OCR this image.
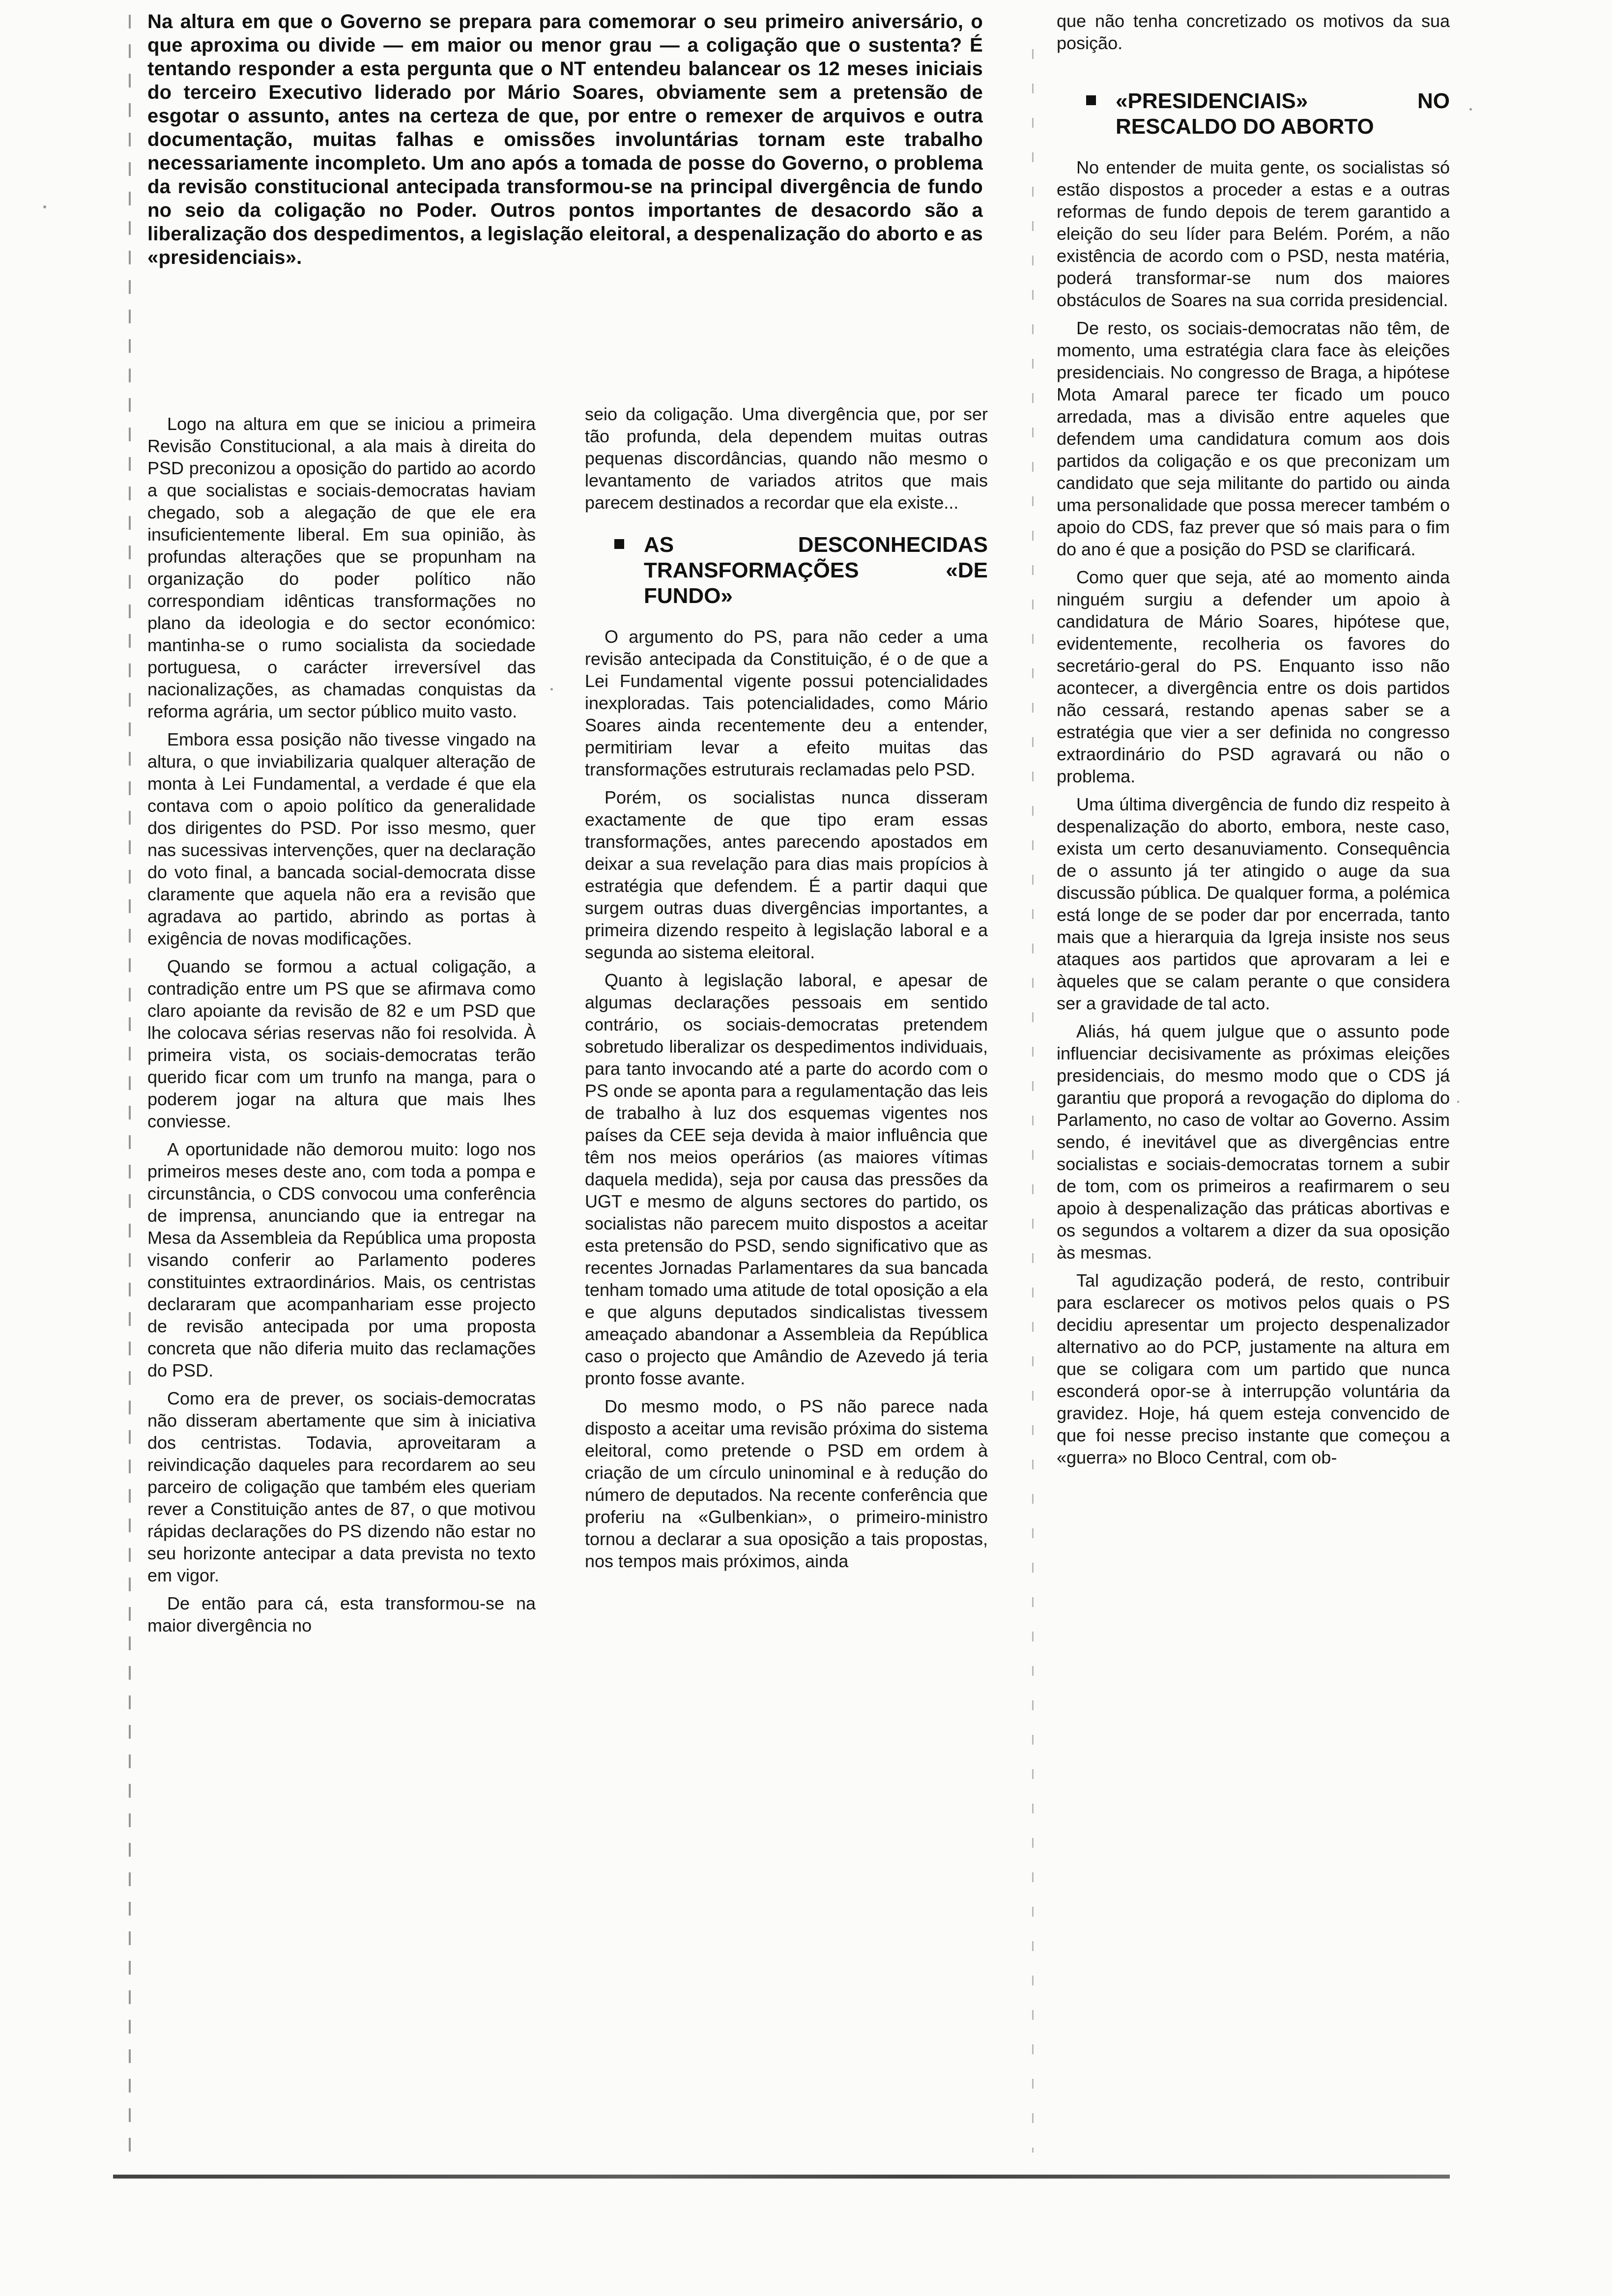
Na altura em que o Governo se prepara para comemorar o seu primeiro aniversário, o que aproxima ou divide — em maior ou menor grau — a coligação que o sustenta? É tentando responder a esta pergunta que o NT entendeu balancear os 12 meses iniciais do terceiro Executivo liderado por Mário Soares, obviamente sem a pretensão de esgotar o assunto, antes na certeza de que, por entre o remexer de arquivos e outra documentação, muitas falhas e omissões involuntárias tornam este trabalho necessariamente incompleto. Um ano após a tomada de posse do Governo, o problema da revisão constitucional antecipada transformou-se na principal divergência de fundo no seio da coligação no Poder. Outros pontos importantes de desacordo são a liberalização dos despedimentos, a legislação eleitoral, a despenalização do aborto e as «presidenciais».

Logo na altura em que se iniciou a primeira Revisão Constitucional, a ala mais à direita do PSD preconizou a oposição do partido ao acordo a que socialistas e sociais-democratas haviam chegado, sob a alegação de que ele era insuficientemente liberal. Em sua opinião, às profundas alterações que se propunham na organização do poder político não correspondiam idênticas transformações no plano da ideologia e do sector económico: mantinha-se o rumo socialista da sociedade portuguesa, o carácter irreversível das nacionalizações, as chamadas conquistas da reforma agrária, um sector público muito vasto.

Embora essa posição não tivesse vingado na altura, o que inviabilizaria qualquer alteração de monta à Lei Fundamental, a verdade é que ela contava com o apoio político da generalidade dos dirigentes do PSD. Por isso mesmo, quer nas sucessivas intervenções, quer na declaração do voto final, a bancada social-democrata disse claramente que aquela não era a revisão que agradava ao partido, abrindo as portas à exigência de novas modificações.

Quando se formou a actual coligação, a contradição entre um PS que se afirmava como claro apoiante da revisão de 82 e um PSD que lhe colocava sérias reservas não foi resolvida. À primeira vista, os sociais-democratas terão querido ficar com um trunfo na manga, para o poderem jogar na altura que mais lhes conviesse.

A oportunidade não demorou muito: logo nos primeiros meses deste ano, com toda a pompa e circunstância, o CDS convocou uma conferência de imprensa, anunciando que ia entregar na Mesa da Assembleia da República uma proposta visando conferir ao Parlamento poderes constituintes extraordinários. Mais, os centristas declararam que acompanhariam esse projecto de revisão antecipada por uma proposta concreta que não diferia muito das reclamações do PSD.

Como era de prever, os sociais-democratas não disseram abertamente que sim à iniciativa dos centristas. Todavia, aproveitaram a reivindicação daqueles para recordarem ao seu parceiro de coligação que também eles queriam rever a Constituição antes de 87, o que motivou rápidas declarações do PS dizendo não estar no seu horizonte antecipar a data prevista no texto em vigor.

De então para cá, esta transformou-se na maior divergência no

seio da coligação. Uma divergência que, por ser tão profunda, dela dependem muitas outras pequenas discordâncias, quando não mesmo o levantamento de variados atritos que mais parecem destinados a recordar que ela existe...

AS DESCONHECIDAS TRANSFORMAÇÕES «DE FUNDO»

O argumento do PS, para não ceder a uma revisão antecipada da Constituição, é o de que a Lei Fundamental vigente possui potencialidades inexploradas. Tais potencialidades, como Mário Soares ainda recentemente deu a entender, permitiriam levar a efeito muitas das transformações estruturais reclamadas pelo PSD.

Porém, os socialistas nunca disseram exactamente de que tipo eram essas transformações, antes parecendo apostados em deixar a sua revelação para dias mais propícios à estratégia que defendem. É a partir daqui que surgem outras duas divergências importantes, a primeira dizendo respeito à legislação laboral e a segunda ao sistema eleitoral.

Quanto à legislação laboral, e apesar de algumas declarações pessoais em sentido contrário, os sociais-democratas pretendem sobretudo liberalizar os despedimentos individuais, para tanto invocando até a parte do acordo com o PS onde se aponta para a regulamentação das leis de trabalho à luz dos esquemas vigentes nos países da CEE seja devida à maior influência que têm nos meios operários (as maiores vítimas daquela medida), seja por causa das pressões da UGT e mesmo de alguns sectores do partido, os socialistas não parecem muito dispostos a aceitar esta pretensão do PSD, sendo significativo que as recentes Jornadas Parlamentares da sua bancada tenham tomado uma atitude de total oposição a ela e que alguns deputados sindicalistas tivessem ameaçado abandonar a Assembleia da República caso o projecto que Amândio de Azevedo já teria pronto fosse avante.

Do mesmo modo, o PS não parece nada disposto a aceitar uma revisão próxima do sistema eleitoral, como pretende o PSD em ordem à criação de um círculo uninominal e à redução do número de deputados. Na recente conferência que proferiu na «Gulbenkian», o primeiro-ministro tornou a declarar a sua oposição a tais propostas, nos tempos mais próximos, ainda

que não tenha concretizado os motivos da sua posição.

«PRESIDENCIAIS» NO RESCALDO DO ABORTO

No entender de muita gente, os socialistas só estão dispostos a proceder a estas e a outras reformas de fundo depois de terem garantido a eleição do seu líder para Belém. Porém, a não existência de acordo com o PSD, nesta matéria, poderá transformar-se num dos maiores obstáculos de Soares na sua corrida presidencial.

De resto, os sociais-democratas não têm, de momento, uma estratégia clara face às eleições presidenciais. No congresso de Braga, a hipótese Mota Amaral parece ter ficado um pouco arredada, mas a divisão entre aqueles que defendem uma candidatura comum aos dois partidos da coligação e os que preconizam um candidato que seja militante do partido ou ainda uma personalidade que possa merecer também o apoio do CDS, faz prever que só mais para o fim do ano é que a posição do PSD se clarificará.

Como quer que seja, até ao momento ainda ninguém surgiu a defender um apoio à candidatura de Mário Soares, hipótese que, evidentemente, recolheria os favores do secretário-geral do PS. Enquanto isso não acontecer, a divergência entre os dois partidos não cessará, restando apenas saber se a estratégia que vier a ser definida no congresso extraordinário do PSD agravará ou não o problema.

Uma última divergência de fundo diz respeito à despenalização do aborto, embora, neste caso, exista um certo desanuviamento. Consequência de o assunto já ter atingido o auge da sua discussão pública. De qualquer forma, a polémica está longe de se poder dar por encerrada, tanto mais que a hierarquia da Igreja insiste nos seus ataques aos partidos que aprovaram a lei e àqueles que se calam perante o que considera ser a gravidade de tal acto.

Aliás, há quem julgue que o assunto pode influenciar decisivamente as próximas eleições presidenciais, do mesmo modo que o CDS já garantiu que proporá a revogação do diploma do Parlamento, no caso de voltar ao Governo. Assim sendo, é inevitável que as divergências entre socialistas e sociais-democratas tornem a subir de tom, com os primeiros a reafirmarem o seu apoio à despenalização das práticas abortivas e os segundos a voltarem a dizer da sua oposição às mesmas.

Tal agudização poderá, de resto, contribuir para esclarecer os motivos pelos quais o PS decidiu apresentar um projecto despenalizador alternativo ao do PCP, justamente na altura em que se coligara com um partido que nunca esconderá opor-se à interrupção voluntária da gravidez. Hoje, há quem esteja convencido de que foi nesse preciso instante que começou a «guerra» no Bloco Central, com ob-
